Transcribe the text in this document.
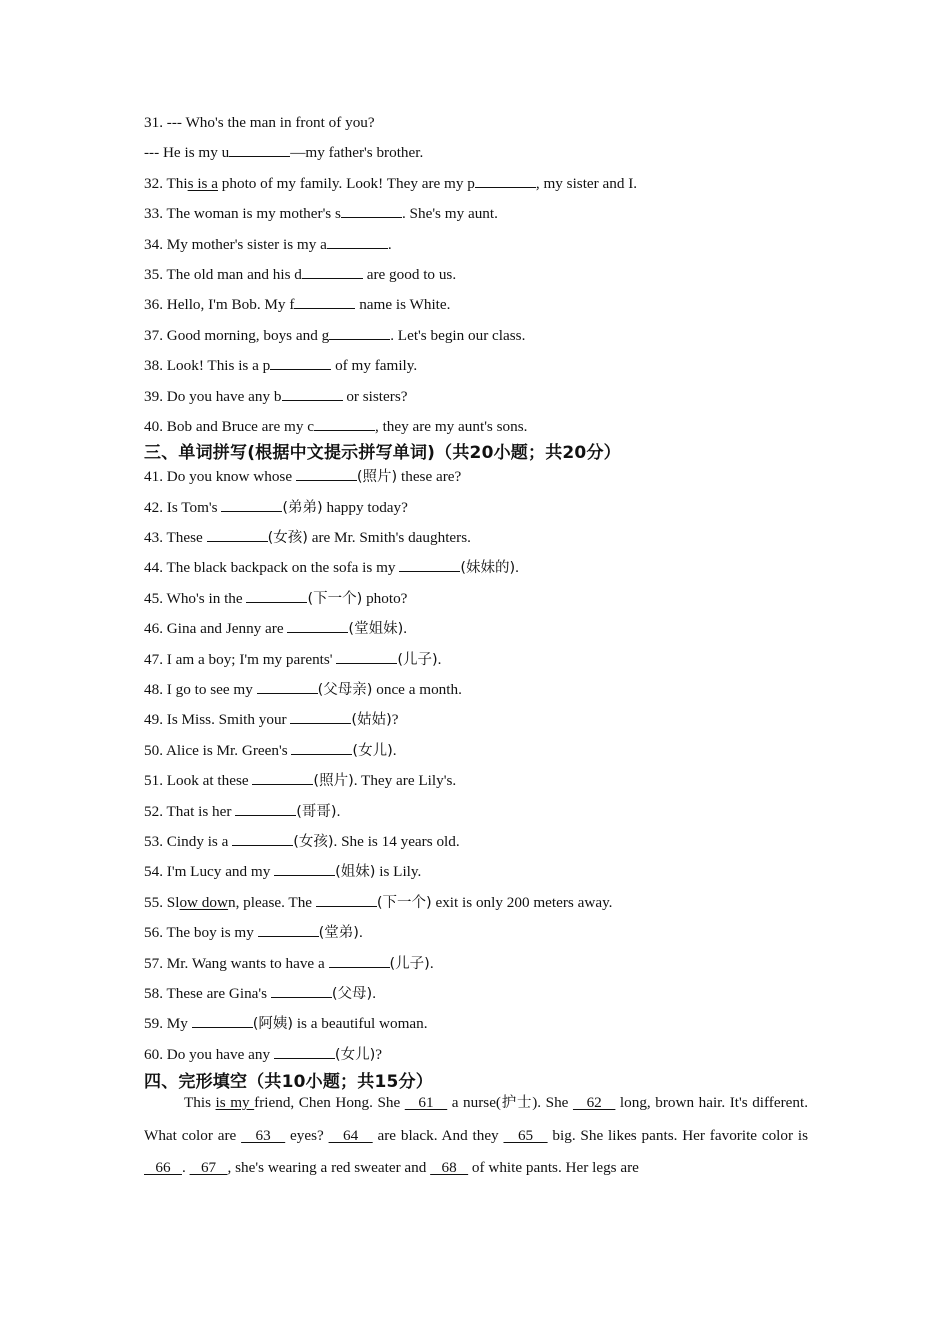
31. --- Who's the man in front of you?
--- He is my u	—my father's brother.
32. This is a photo of my family. Look! They are my p	, my sister and I.
33. The woman is my mother's s	. She's my aunt.
34. My mother's sister is my a	.
35. The old man and his d	are good to us.
36. Hello, I'm Bob. My f	name is White.
37. Good morning, boys and g	. Let's begin our class.
38. Look! This is a p	of my family.
39. Do you have any b	or sisters?
40. Bob and Bruce are my c	, they are my aunt's sons.
三、单词拼写(根据中文提示拼写单词)（共20小题；共20分）
41. Do you know whose	(照片) these are?
42. Is Tom's	(弟弟) happy today?
43. These	(女孩) are Mr. Smith's daughters.
44. The black backpack on the sofa is my	(妹妹的).
45. Who's in the	(下一个) photo?
46. Gina and Jenny are	(堂姐妹).
47. I am a boy; I'm my parents'	(儿子).
48. I go to see my	(父母亲) once a month.
49. Is Miss. Smith your	(姑姑)?
50. Alice is Mr. Green's	(女儿).
51. Look at these	(照片). They are Lily's.
52. That is her	(哥哥).
53. Cindy is a	(女孩). She is 14 years old.
54. I'm Lucy and my	(姐妹) is Lily.
55. Slow down, please. The	(下一个) exit is only 200 meters away.
56. The boy is my	(堂弟).
57. Mr. Wang wants to have a	(儿子).
58. These are Gina's	(父母).
59. My	(阿姨) is a beautiful woman.
60. Do you have any	(女儿)?
四、完形填空（共10小题；共15分）
This is my friend, Chen Hong. She    61    a nurse(护士). She    62    long, brown hair. It's different. What color are    63    eyes?    64    are black. And they    65    big. She likes pants. Her favorite color is    66   .    67   , she's wearing a red sweater and    68    of white pants. Her legs are
